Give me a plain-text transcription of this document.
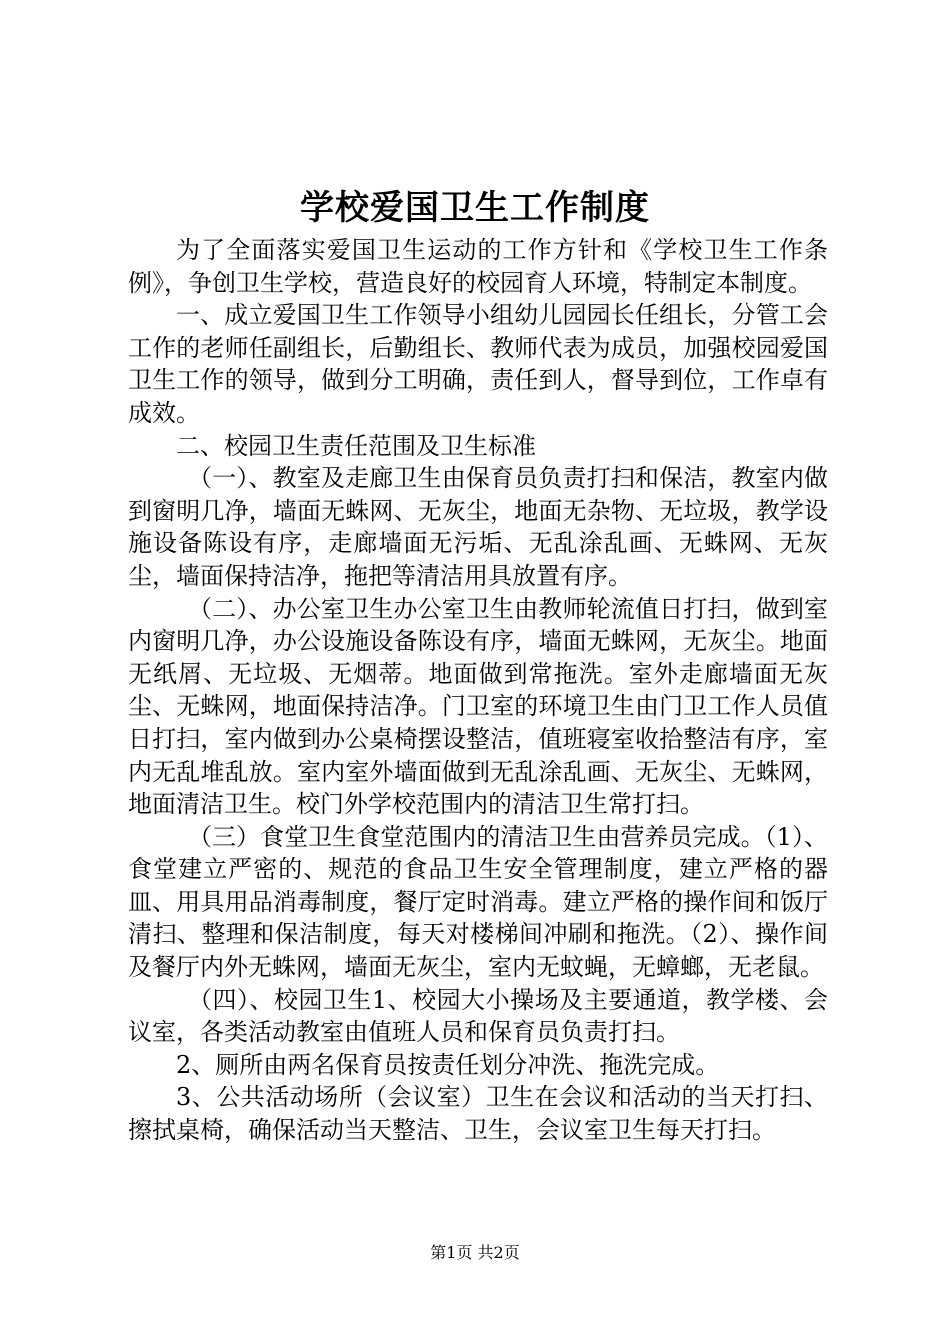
学校爱国卫生工作制度

为了全面落实爱国卫生运动的工作方针和《学校卫生工作条例》，争创卫生学校，营造良好的校园育人环境，特制定本制度。

一、成立爱国卫生工作领导小组幼儿园园长任组长，分管工会工作的老师任副组长，后勤组长、教师代表为成员，加强校园爱国卫生工作的领导，做到分工明确，责任到人，督导到位，工作卓有成效。

二、校园卫生责任范围及卫生标准

（一）、教室及走廊卫生由保育员负责打扫和保洁，教室内做到窗明几净，墙面无蛛网、无灰尘，地面无杂物、无垃圾，教学设施设备陈设有序，走廊墙面无污垢、无乱涂乱画、无蛛网、无灰尘，墙面保持洁净，拖把等清洁用具放置有序。

（二）、办公室卫生办公室卫生由教师轮流值日打扫，做到室内窗明几净，办公设施设备陈设有序，墙面无蛛网，无灰尘。地面无纸屑、无垃圾、无烟蒂。地面做到常拖洗。室外走廊墙面无灰尘、无蛛网，地面保持洁净。门卫室的环境卫生由门卫工作人员值日打扫，室内做到办公桌椅摆设整洁，值班寝室收拾整洁有序，室内无乱堆乱放。室内室外墙面做到无乱涂乱画、无灰尘、无蛛网，地面清洁卫生。校门外学校范围内的清洁卫生常打扫。

（三）食堂卫生食堂范围内的清洁卫生由营养员完成。（1）、食堂建立严密的、规范的食品卫生安全管理制度，建立严格的器皿、用具用品消毒制度，餐厅定时消毒。建立严格的操作间和饭厅清扫、整理和保洁制度，每天对楼梯间冲刷和拖洗。（2）、操作间及餐厅内外无蛛网，墙面无灰尘，室内无蚊蝇，无蟑螂，无老鼠。

（四）、校园卫生1、校园大小操场及主要通道，教学楼、会议室，各类活动教室由值班人员和保育员负责打扫。

2、厕所由两名保育员按责任划分冲洗、拖洗完成。

3、公共活动场所（会议室）卫生在会议和活动的当天打扫、擦拭桌椅，确保活动当天整洁、卫生，会议室卫生每天打扫。

第1页 共2页
